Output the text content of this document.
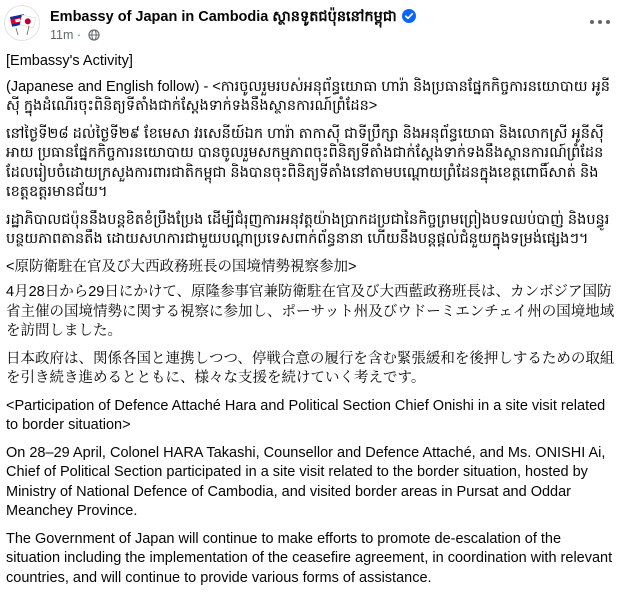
Embassy of Japan in Cambodia ស្ថានទូតជប៉ុននៅកម្ពុជា
11m ·

[Embassy's Activity]

(Japanese and English follow) - <ការចូលរួមរបស់អនុព័ន្ធយោធា ហារ៉ា និងប្រធានផ្នែកកិច្ចការនយោបាយ អូនីស៊ី ក្នុងដំណើរចុះពិនិត្យទីតាំងជាក់ស្តែងទាក់ទងនឹងស្ថានការណ៍ព្រំដែន>

នៅថ្ងៃទី២៨ ដល់ថ្ងៃទី២៩ ខែមេសា វរសេនីយ៍ឯក ហារ៉ា តាកាស៊ី ជាទីប្រឹក្សា និងអនុព័ន្ធយោធា និងលោកស្រី អូនីស៊ី អាយ ប្រធានផ្នែកកិច្ចការនយោបាយ បានចូលរួមសកម្មភាពចុះពិនិត្យទីតាំងជាក់ស្តែងទាក់ទងនឹងស្ថានការណ៍ព្រំដែន ដែលរៀបចំដោយក្រសួងការពារជាតិកម្ពុជា និងបានចុះពិនិត្យទីតាំងនៅតាមបណ្តោយព្រំដែនក្នុងខេត្តពោធិ៍សាត់ និងខេត្តឧត្តរមានជ័យ។

រដ្ឋាភិបាលជប៉ុននឹងបន្តខិតខំប្រឹងប្រែង ដើម្បីជំរុញការអនុវត្តយ៉ាងប្រាកដប្រជានៃកិច្ចព្រមព្រៀងបទឈប់បាញ់ និងបន្ធូរបន្ថយភាពតានតឹង ដោយសហការជាមួយបណ្តាប្រទេសពាក់ព័ន្ធនានា ហើយនឹងបន្តផ្តល់ជំនួយក្នុងទម្រង់ផ្សេងៗ។

<原防衛駐在官及び大西政務班長の国境情勢視察参加>

4月28日から29日にかけて、原隆参事官兼防衛駐在官及び大西藍政務班長は、カンボジア国防省主催の国境情勢に関する視察に参加し、ポーサット州及びウドーミエンチェイ州の国境地域を訪問しました。

日本政府は、関係各国と連携しつつ、停戦合意の履行を含む緊張緩和を後押しするための取組を引き続き進めるとともに、様々な支援を続けていく考えです。

<Participation of Defence Attaché Hara and Political Section Chief Onishi in a site visit related to border situation>

On 28–29 April, Colonel HARA Takashi, Counsellor and Defence Attaché, and Ms. ONISHI Ai, Chief of Political Section participated in a site visit related to the border situation, hosted by Ministry of National Defence of Cambodia, and visited border areas in Pursat and Oddar Meanchey Province.

The Government of Japan will continue to make efforts to promote de-escalation of the situation including the implementation of the ceasefire agreement, in coordination with relevant countries, and will continue to provide various forms of assistance.
